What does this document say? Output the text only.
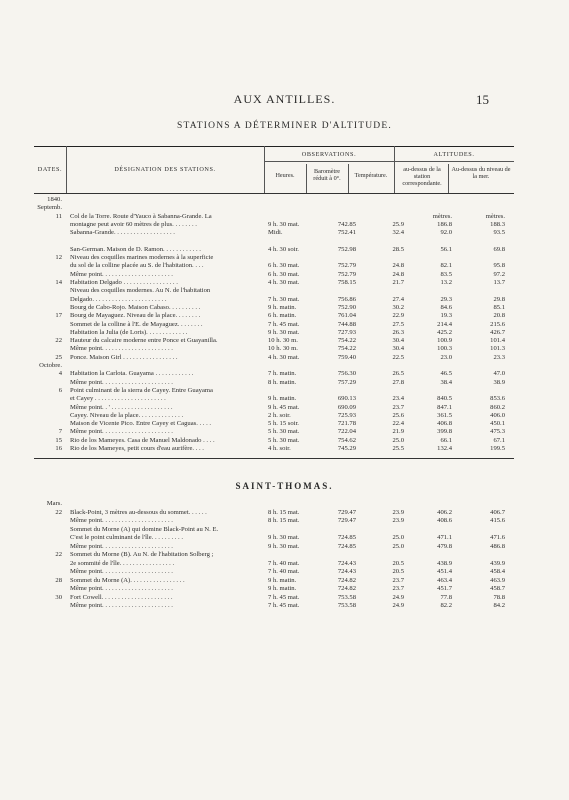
AUX ANTILLES.	15
STATIONS A DÉTERMINER D'ALTITUDE.
DATES.	DÉSIGNATION DES STATIONS.
OBSERVATIONS.	ALTITUDES.
Heures.
Baromètre réduit à 0°.	Température.
au-dessus de la station correspondante.
Au-dessus du niveau de la mer.
1840.
Septemb.
11 Col de la Torre. Route d'Yauco à Sabanna-Grande. La	mètres.	mètres.
montagne peut avoir 60 mètres de plus. . . . . . . .	9 h. 30 mat.	742.85	25.9	186.8	188.3
Sabanna-Grande. . . . . . . . . . . . . . . . . . .	Midi.	752.41	32.4	92.0	93.5
San-German. Maison de D. Ramon. . . . . . . . . . . .	4 h. 30 soir.	752.98	28.5	56.1	69.8
12 Niveau des coquilles marines modernes à la superficie
du sol de la colline placée au S. de l'habitation. . . .	6 h. 30 mat.	752.79	24.8	82.1	95.8
Même point. . . . . . . . . . . . . . . . . . . . . .	6 h. 30 mat.	752.79	24.8	83.5	97.2
14 Habitation Delgado . . . . . . . . . . . . . . . . .	4 h. 30 mat.	758.15	21.7	13.2	13.7
Niveau des coquilles modernes. Au N. de l'habitation
Delgado. . . . . . . . . . . . . . . . . . . . . . .	7 h. 30 mat.	756.86	27.4	29.3	29.8
Bourg de Cabo-Rojo. Maison Cabaso. . . . . . . . . .	9 h. matin.	752.90	30.2	84.6	85.1
17 Bourg de Mayaguez. Niveau de la place. . . . . . . .	6 h. matin.	761.04	22.9	19.3	20.8
Sommet de la colline à l'E. de Mayaguez. . . . . . . .	7 h. 45 mat.	744.88	27.5	214.4	215.6
Habitation la Julia (de Loris). . . . . . . . . . . . .	9 h. 30 mat.	727.93	26.3	425.2	426.7
22 Hauteur du calcaire moderne entre Ponce et Guayanilla.	10 h. 30 m.	754.22	30.4	100.9	101.4
Même point. . . . . . . . . . . . . . . . . . . . . .	10 h. 30 m.	754.22	30.4	100.3	101.3
25 Ponce. Maison Girl . . . . . . . . . . . . . . . . .	4 h. 30 mat.	759.40	22.5	23.0	23.3
Octobre.
4 Habitation la Carlota. Guayama . . . . . . . . . . . .	7 h. matin.	756.30	26.5	46.5	47.0
Même point. . . . . . . . . . . . . . . . . . . . . .	8 h. matin.	757.29	27.8	38.4	38.9
6 Point culminant de la sierra de Cayey. Entre Guayama
et Cayey . . . . . . . . . . . . . . . . . . . . . .	9 h. matin.	690.13	23.4	840.5	853.6
Même point. . ' . . . . . . . . . . . . . . . . . . .	9 h. 45 mat.	690.09	23.7	847.1	860.2
Cayey. Niveau de la place. . . . . . . . . . . . . .	2 h. soir.	725.93	25.6	361.5	406.0
Maison de Vicente Pico. Entre Cayey et Caguas. . . . .	5 h. 15 soir.	721.78	22.4	406.8	450.1
7 Même point. . . . . . . . . . . . . . . . . . . . . .	5 h. 30 mat.	722.04	21.9	399.8	475.3
15 Rio de los Mameyes. Casa de Manuel Maldonado . . . .	5 h. 30 mat.	754.62	25.0	66.1	67.1
16 Rio de los Mameyes, petit cours d'eau aurifère. . . .	4 h. soir.	745.29	25.5	132.4	199.5
SAINT-THOMAS.
Mars.
22 Black-Point, 3 mètres au-dessous du sommet. . . . . .	8 h. 15 mat.	729.47	23.9	406.2	406.7
Même point. . . . . . . . . . . . . . . . . . . . . .	8 h. 15 mat.	729.47	23.9	408.6	415.6
Sommet du Morne (A) qui domine Black-Point au N. E.
C'est le point culminant de l'île. . . . . . . . . .	9 h. 30 mat.	724.85	25.0	471.1	471.6
Même point. . . . . . . . . . . . . . . . . . . . . .	9 h. 30 mat.	724.85	25.0	479.8	486.8
22 Sommet du Morne (B). Au N. de l'habitation Solberg ;
2e sommité de l'île. . . . . . . . . . . . . . . . .	7 h. 40 mat.	724.43	20.5	438.9	439.9
Même point. . . . . . . . . . . . . . . . . . . . . .	7 h. 40 mat.	724.43	20.5	451.4	458.4
28 Sommet du Morne (A). . . . . . . . . . . . . . . . .	9 h. matin.	724.82	23.7	463.4	463.9
Même point. . . . . . . . . . . . . . . . . . . . . .	9 h. matin.	724.82	23.7	451.7	458.7
30 Fort Cowell. . . . . . . . . . . . . . . . . . . . . .	7 h. 45 mat.	753.58	24.9	77.8	78.8
Même point. . . . . . . . . . . . . . . . . . . . . .	7 h. 45 mat.	753.58	24.9	82.2	84.2
